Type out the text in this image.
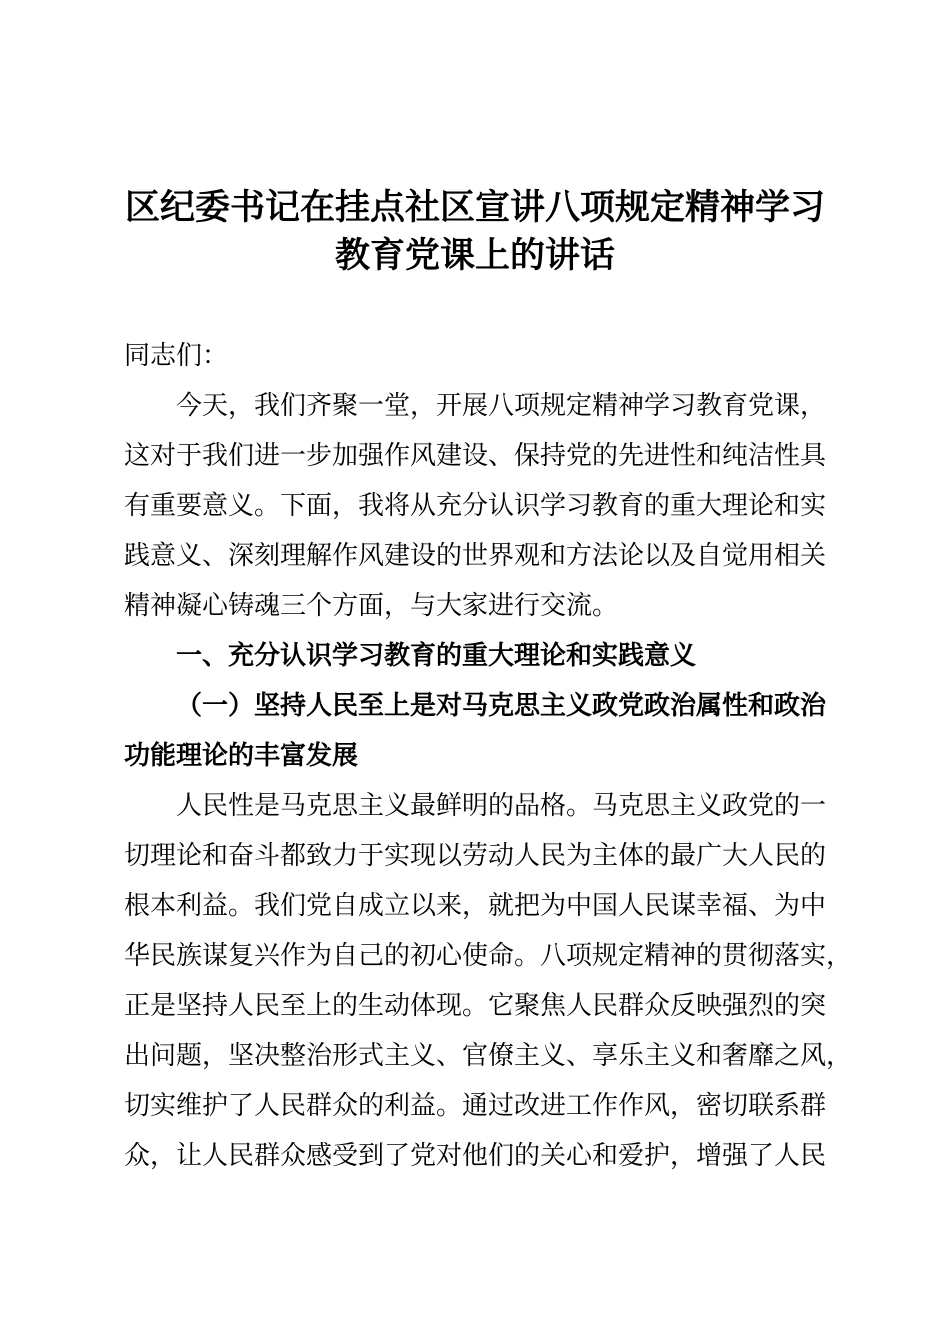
区纪委书记在挂点社区宣讲八项规定精神学习
教育党课上的讲话
同志们：
今天，我们齐聚一堂，开展八项规定精神学习教育党课，
这对于我们进一步加强作风建设、保持党的先进性和纯洁性具
有重要意义。下面，我将从充分认识学习教育的重大理论和实
践意义、深刻理解作风建设的世界观和方法论以及自觉用相关
精神凝心铸魂三个方面，与大家进行交流。
一、充分认识学习教育的重大理论和实践意义
（一）坚持人民至上是对马克思主义政党政治属性和政治
功能理论的丰富发展
人民性是马克思主义最鲜明的品格。马克思主义政党的一
切理论和奋斗都致力于实现以劳动人民为主体的最广大人民的
根本利益。我们党自成立以来，就把为中国人民谋幸福、为中
华民族谋复兴作为自己的初心使命。八项规定精神的贯彻落实，
正是坚持人民至上的生动体现。它聚焦人民群众反映强烈的突
出问题，坚决整治形式主义、官僚主义、享乐主义和奢靡之风，
切实维护了人民群众的利益。通过改进工作作风，密切联系群
众，让人民群众感受到了党对他们的关心和爱护，增强了人民
